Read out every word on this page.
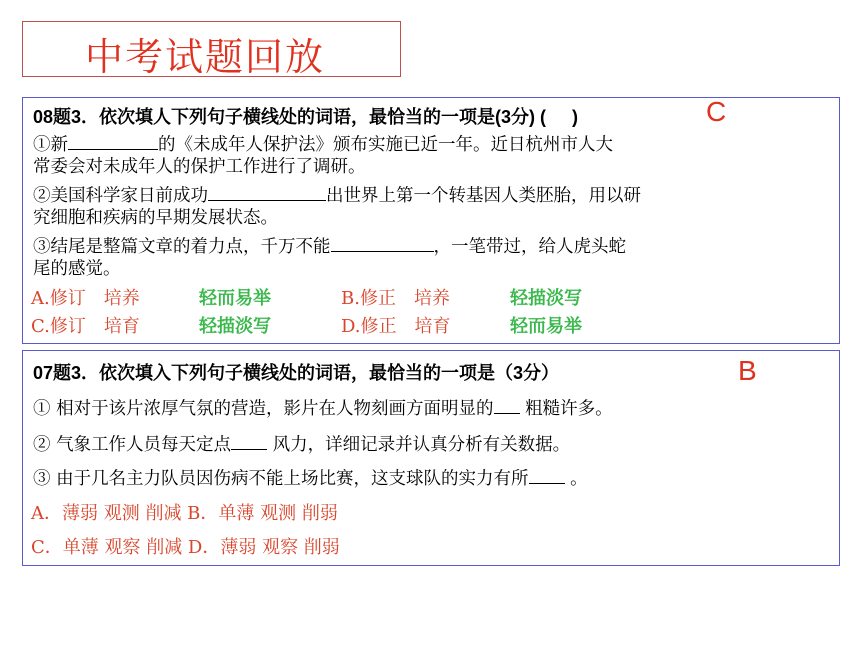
中考试题回放
08题3．依次填人下列句子横线处的词语，最恰当的一项是(3分) ( )	C
①新	的《未成年人保护法》颁布实施已近一年。近日杭州市人大
常委会对未成年人的保护工作进行了调研。
②美国科学家日前成功	出世界上第一个转基因人类胚胎，用以研
究细胞和疾病的早期发展状态。
③结尾是整篇文章的着力点，千万不能	，一笔带过，给人虎头蛇
尾的感觉。
A.修订　培养	轻而易举	B.修正　培养	轻描淡写
C.修订　培育	轻描淡写	D.修正　培育	轻而易举
07题3．依次填入下列句子横线处的词语，最恰当的一项是（3分）	B
① 相对于该片浓厚气氛的营造，影片在人物刻画方面明显的 粗糙许多。
② 气象工作人员每天定点 风力，详细记录并认真分析有关数据。
③ 由于几名主力队员因伤病不能上场比赛，这支球队的实力有所 。
A．薄弱 观测 削减 B．单薄 观测 削弱
C．单薄 观察 削减 D．薄弱 观察 削弱
